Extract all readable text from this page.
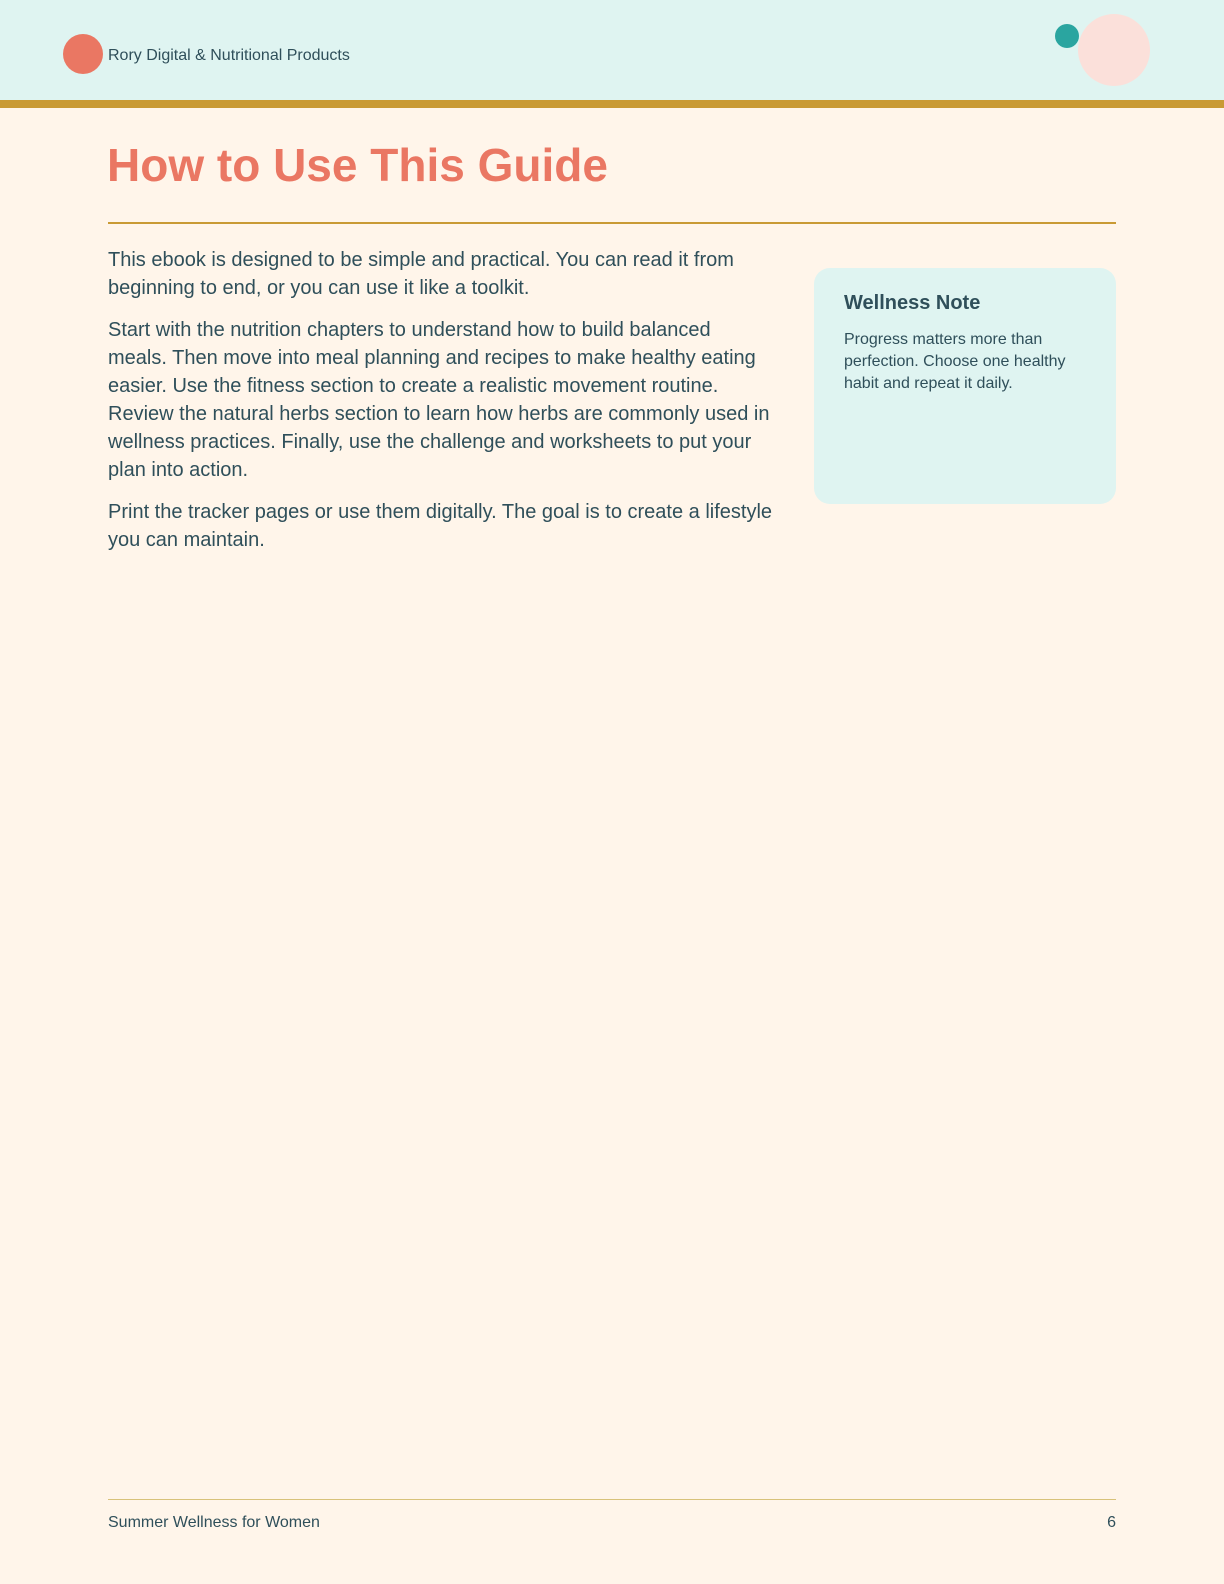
Rory Digital & Nutritional Products
How to Use This Guide

This ebook is designed to be simple and practical. You can read it from beginning to end, or you can use it like a toolkit.

Start with the nutrition chapters to understand how to build balanced meals. Then move into meal planning and recipes to make healthy eating easier. Use the fitness section to create a realistic movement routine. Review the natural herbs section to learn how herbs are commonly used in wellness practices. Finally, use the challenge and worksheets to put your plan into action.

Print the tracker pages or use them digitally. The goal is to create a lifestyle you can maintain.

Wellness Note
Progress matters more than perfection. Choose one healthy habit and repeat it daily.
Summer Wellness for Women	6
